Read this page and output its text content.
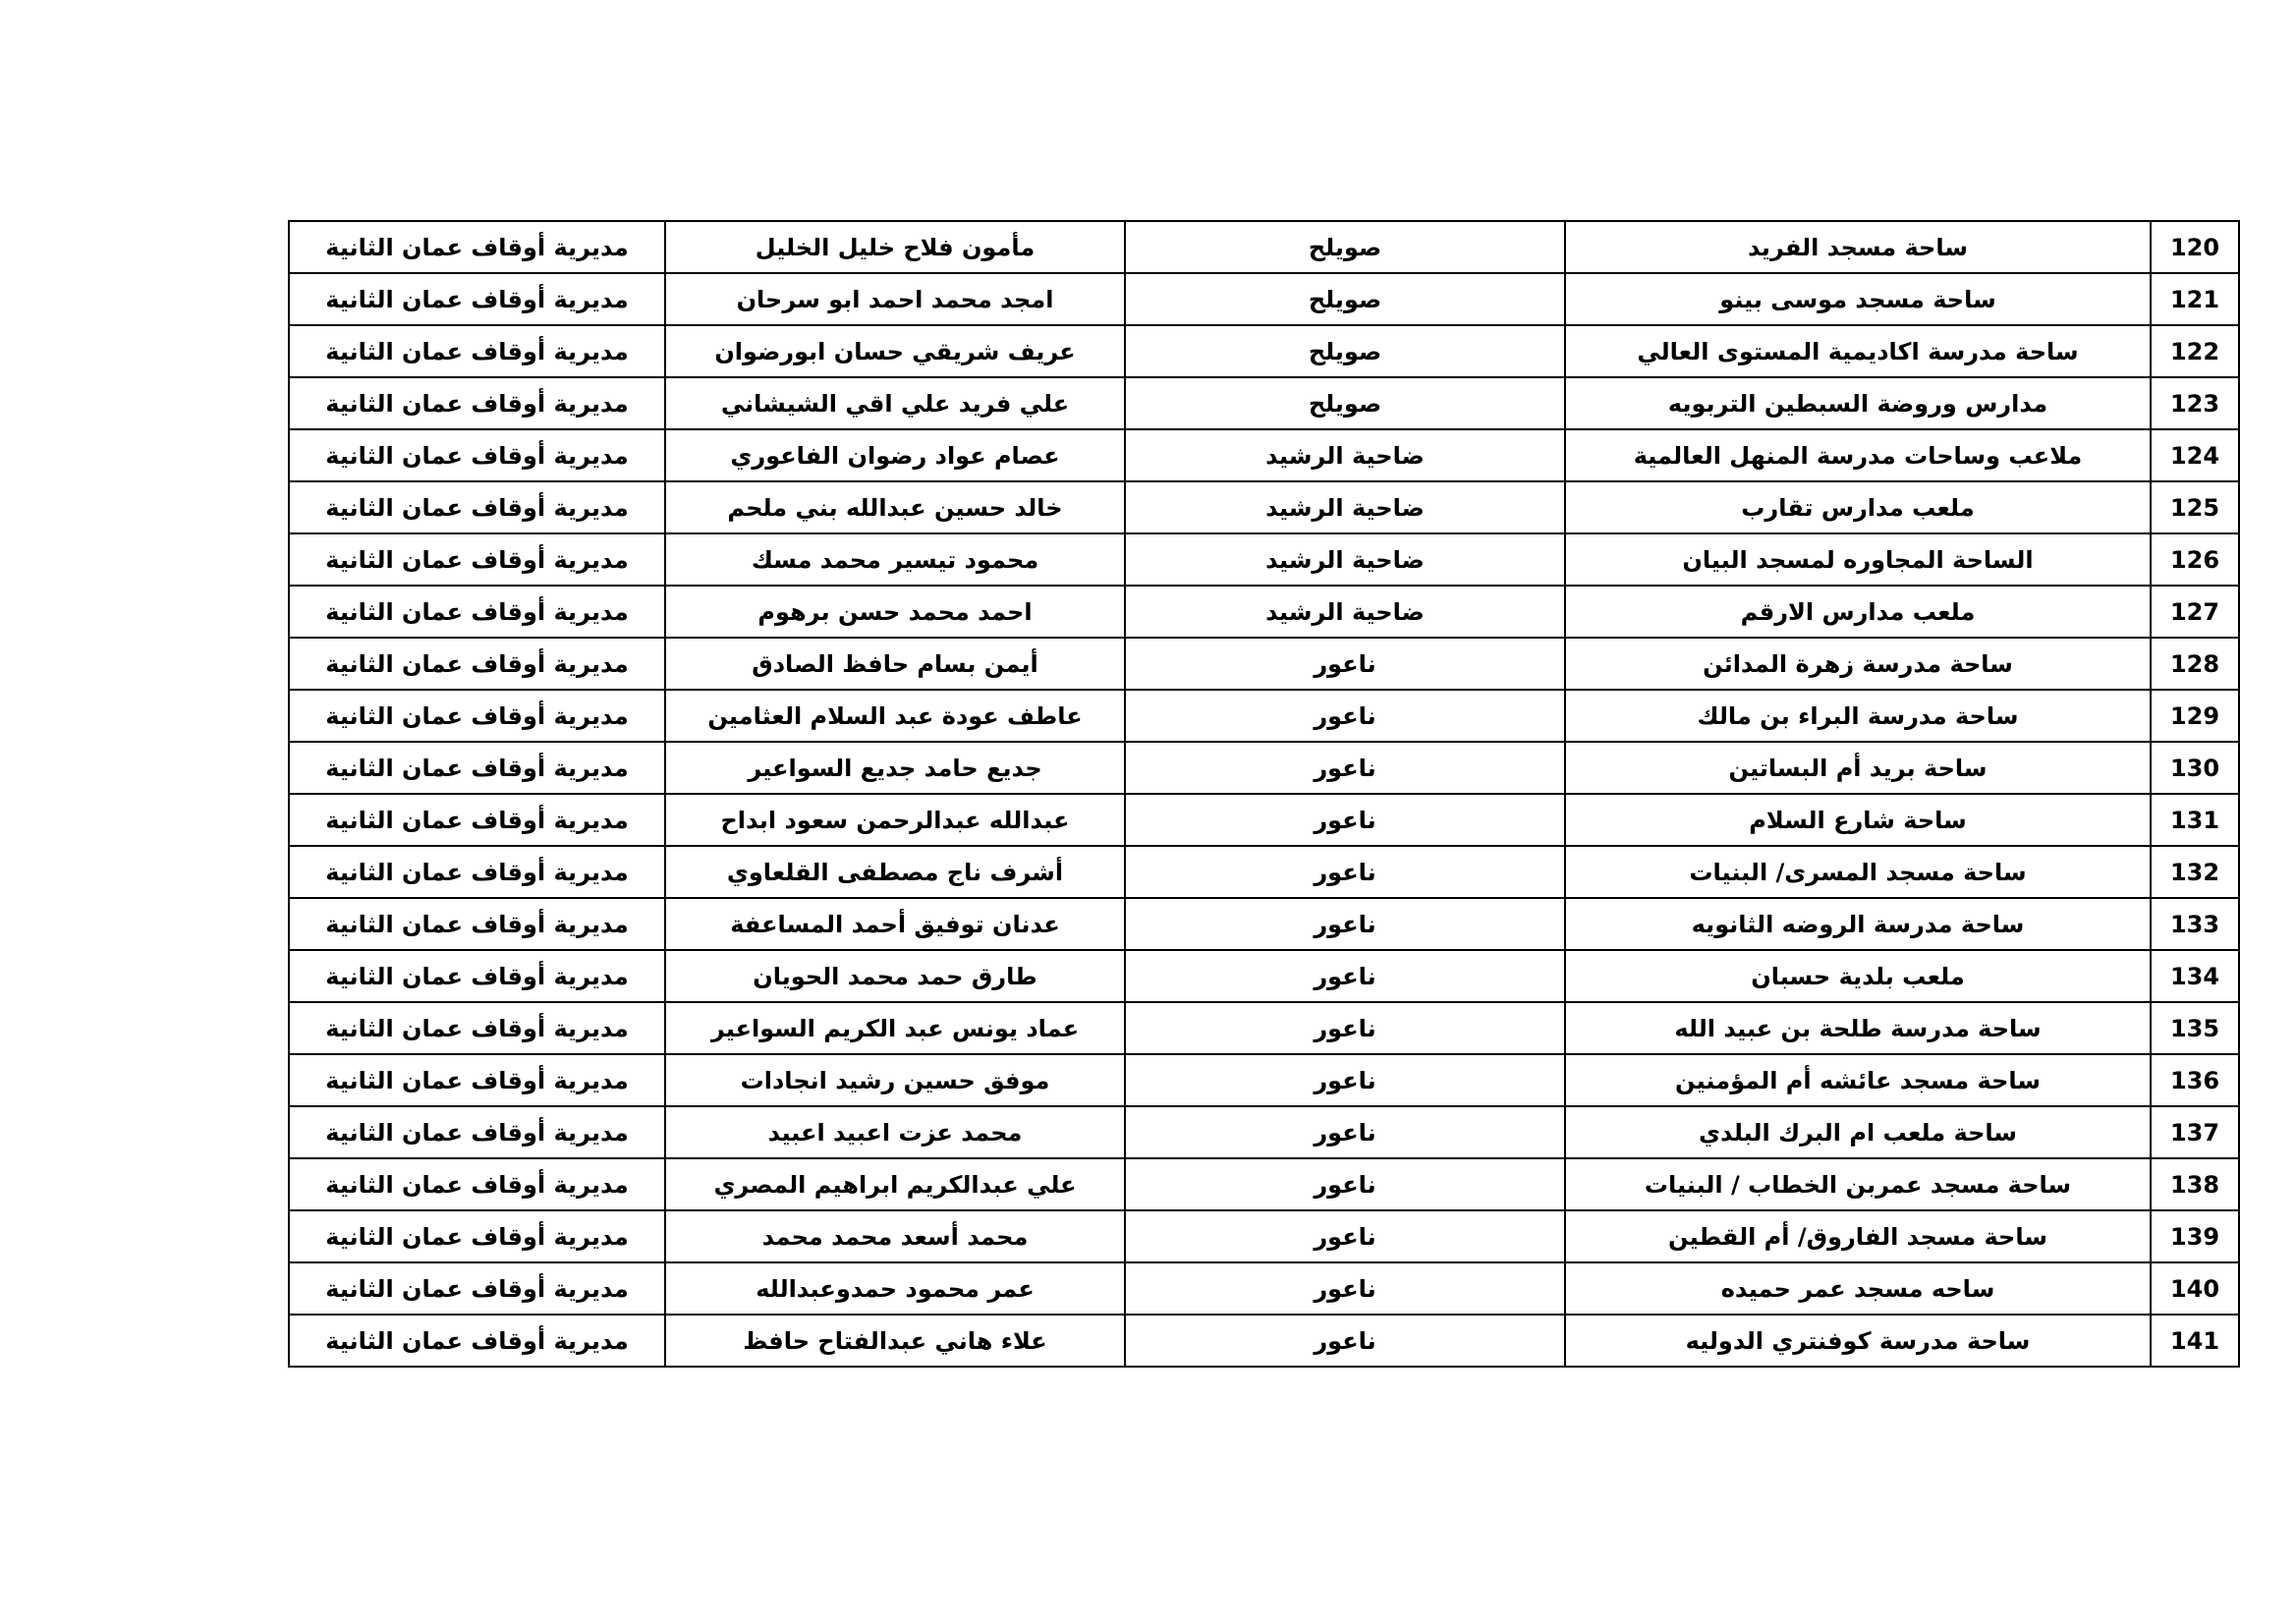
120	ساحة مسجد الفريد	صويلح	مأمون فلاح خليل الخليل	مديرية أوقاف عمان الثانية
121	ساحة مسجد موسى بينو	صويلح	امجد محمد احمد ابو سرحان	مديرية أوقاف عمان الثانية
122	ساحة مدرسة اكاديمية المستوى العالي	صويلح	عريف شريقي حسان ابورضوان	مديرية أوقاف عمان الثانية
123	مدارس وروضة السبطين التربويه	صويلح	علي فريد علي اقي الشيشاني	مديرية أوقاف عمان الثانية
124	ملاعب وساحات مدرسة المنهل العالمية	ضاحية الرشيد	عصام عواد رضوان الفاعوري	مديرية أوقاف عمان الثانية
125	ملعب مدارس تقارب	ضاحية الرشيد	خالد حسين عبدالله بني ملحم	مديرية أوقاف عمان الثانية
126	الساحة المجاوره لمسجد البيان	ضاحية الرشيد	محمود تيسير محمد مسك	مديرية أوقاف عمان الثانية
127	ملعب مدارس الارقم	ضاحية الرشيد	احمد محمد حسن برهوم	مديرية أوقاف عمان الثانية
128	ساحة مدرسة زهرة المدائن	ناعور	أيمن بسام حافظ الصادق	مديرية أوقاف عمان الثانية
129	ساحة مدرسة البراء بن مالك	ناعور	عاطف عودة عبد السلام العثامين	مديرية أوقاف عمان الثانية
130	ساحة بريد أم البساتين	ناعور	جديع حامد جديع السواعير	مديرية أوقاف عمان الثانية
131	ساحة شارع السلام	ناعور	عبدالله عبدالرحمن سعود ابداح	مديرية أوقاف عمان الثانية
132	ساحة مسجد المسرى/ البنيات	ناعور	أشرف ناج مصطفى القلعاوي	مديرية أوقاف عمان الثانية
133	ساحة مدرسة الروضه الثانويه	ناعور	عدنان توفيق أحمد المساعفة	مديرية أوقاف عمان الثانية
134	ملعب بلدية حسبان	ناعور	طارق حمد محمد الحويان	مديرية أوقاف عمان الثانية
135	ساحة مدرسة طلحة بن عبيد الله	ناعور	عماد يونس عبد الكريم السواعير	مديرية أوقاف عمان الثانية
136	ساحة مسجد عائشه أم المؤمنين	ناعور	موفق حسين رشيد انجادات	مديرية أوقاف عمان الثانية
137	ساحة ملعب ام البرك البلدي	ناعور	محمد عزت اعبيد اعبيد	مديرية أوقاف عمان الثانية
138	ساحة مسجد عمربن الخطاب / البنيات	ناعور	علي عبدالكريم ابراهيم المصري	مديرية أوقاف عمان الثانية
139	ساحة مسجد الفاروق/ أم القطين	ناعور	محمد أسعد محمد محمد	مديرية أوقاف عمان الثانية
140	ساحه مسجد عمر حميده	ناعور	عمر محمود حمدوعبدالله	مديرية أوقاف عمان الثانية
141	ساحة مدرسة كوفنتري الدوليه	ناعور	علاء هاني عبدالفتاح حافظ	مديرية أوقاف عمان الثانية
